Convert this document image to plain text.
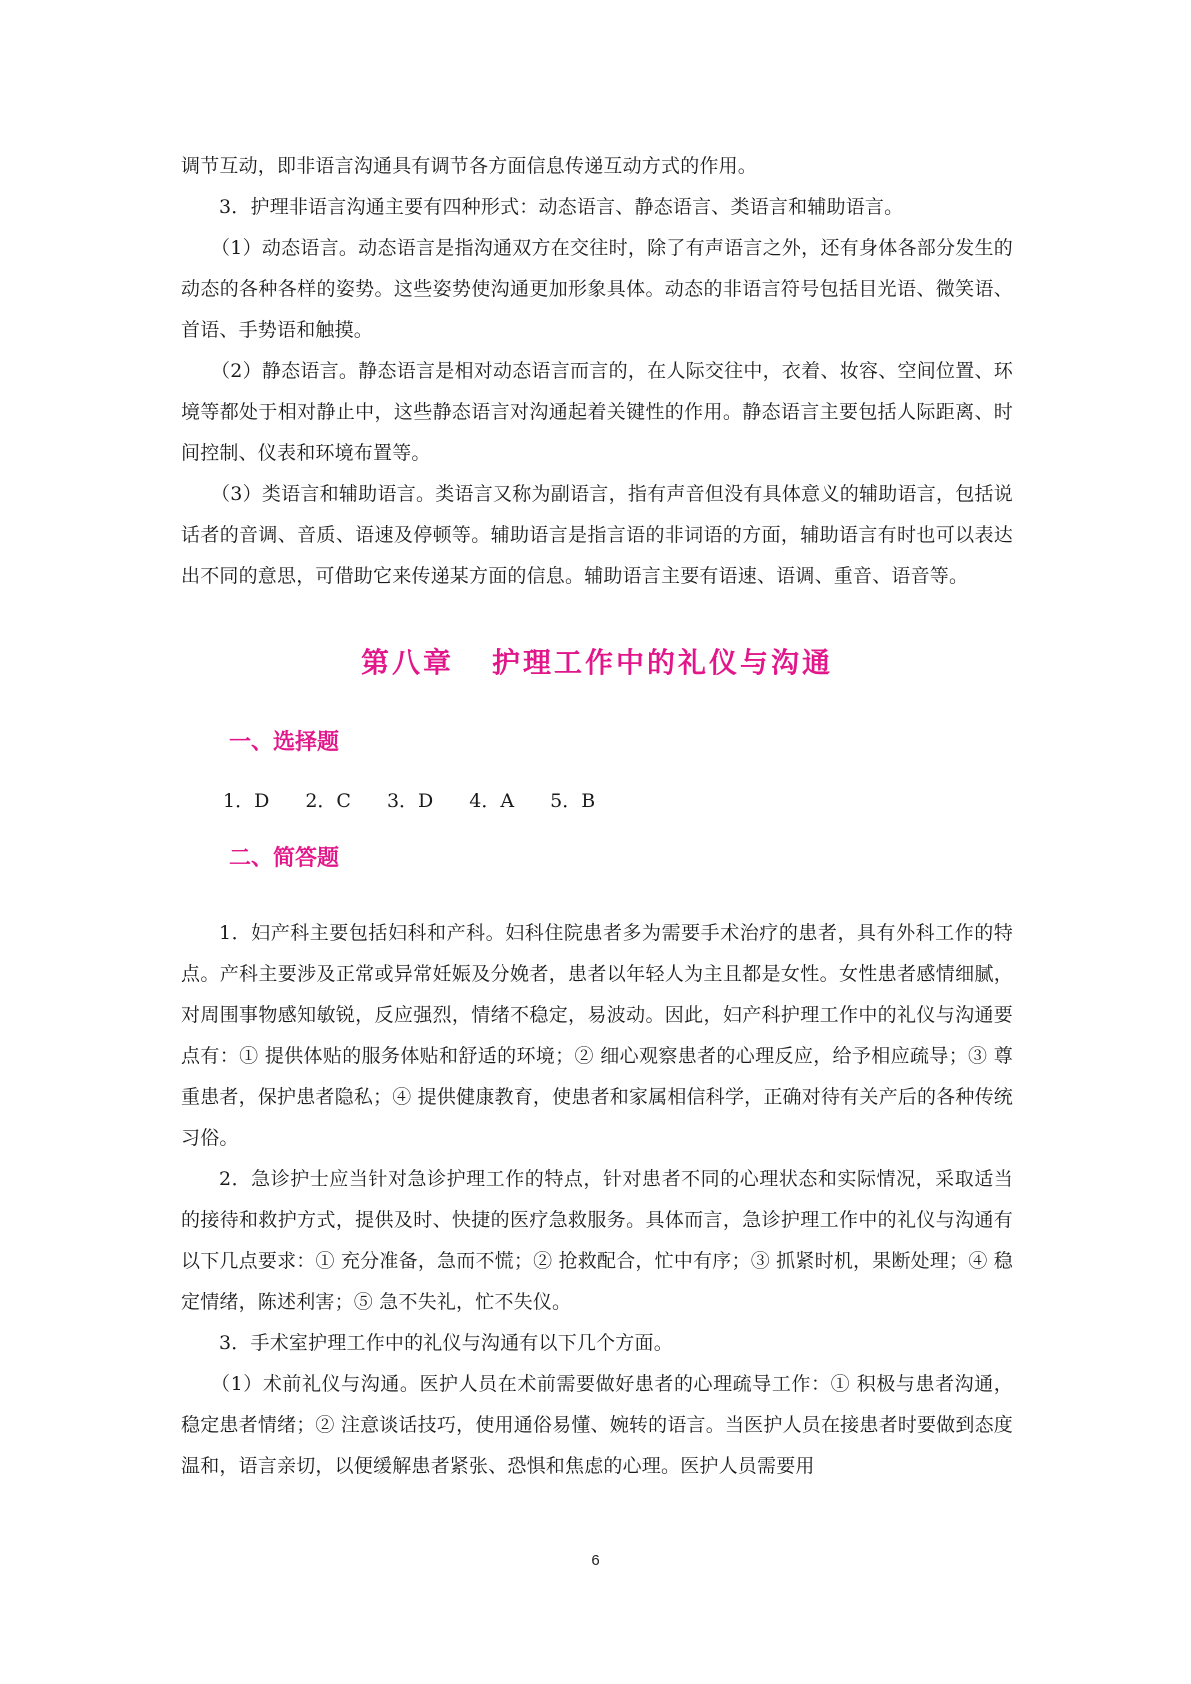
调节互动，即非语言沟通具有调节各方面信息传递互动方式的作用。

3．护理非语言沟通主要有四种形式：动态语言、静态语言、类语言和辅助语言。

（1）动态语言。动态语言是指沟通双方在交往时，除了有声语言之外，还有身体各部分发生的动态的各种各样的姿势。这些姿势使沟通更加形象具体。动态的非语言符号包括目光语、微笑语、首语、手势语和触摸。

（2）静态语言。静态语言是相对动态语言而言的，在人际交往中，衣着、妆容、空间位置、环境等都处于相对静止中，这些静态语言对沟通起着关键性的作用。静态语言主要包括人际距离、时间控制、仪表和环境布置等。

（3）类语言和辅助语言。类语言又称为副语言，指有声音但没有具体意义的辅助语言，包括说话者的音调、音质、语速及停顿等。辅助语言是指言语的非词语的方面，辅助语言有时也可以表达出不同的意思，可借助它来传递某方面的信息。辅助语言主要有语速、语调、重音、语音等。

第八章 护理工作中的礼仪与沟通
一、选择题

1．D 2．C 3．D 4．A 5．B

二、简答题

1．妇产科主要包括妇科和产科。妇科住院患者多为需要手术治疗的患者，具有外科工作的特点。产科主要涉及正常或异常妊娠及分娩者，患者以年轻人为主且都是女性。女性患者感情细腻，对周围事物感知敏锐，反应强烈，情绪不稳定，易波动。因此，妇产科护理工作中的礼仪与沟通要点有：① 提供体贴的服务体贴和舒适的环境；② 细心观察患者的心理反应，给予相应疏导；③ 尊重患者，保护患者隐私；④ 提供健康教育，使患者和家属相信科学，正确对待有关产后的各种传统习俗。

2．急诊护士应当针对急诊护理工作的特点，针对患者不同的心理状态和实际情况，采取适当的接待和救护方式，提供及时、快捷的医疗急救服务。具体而言，急诊护理工作中的礼仪与沟通有以下几点要求：① 充分准备，急而不慌；② 抢救配合，忙中有序；③ 抓紧时机，果断处理；④ 稳定情绪，陈述利害；⑤ 急不失礼，忙不失仪。

3．手术室护理工作中的礼仪与沟通有以下几个方面。

（1）术前礼仪与沟通。医护人员在术前需要做好患者的心理疏导工作：① 积极与患者沟通，稳定患者情绪；② 注意谈话技巧，使用通俗易懂、婉转的语言。当医护人员在接患者时要做到态度温和，语言亲切，以便缓解患者紧张、恐惧和焦虑的心理。医护人员需要用

6
